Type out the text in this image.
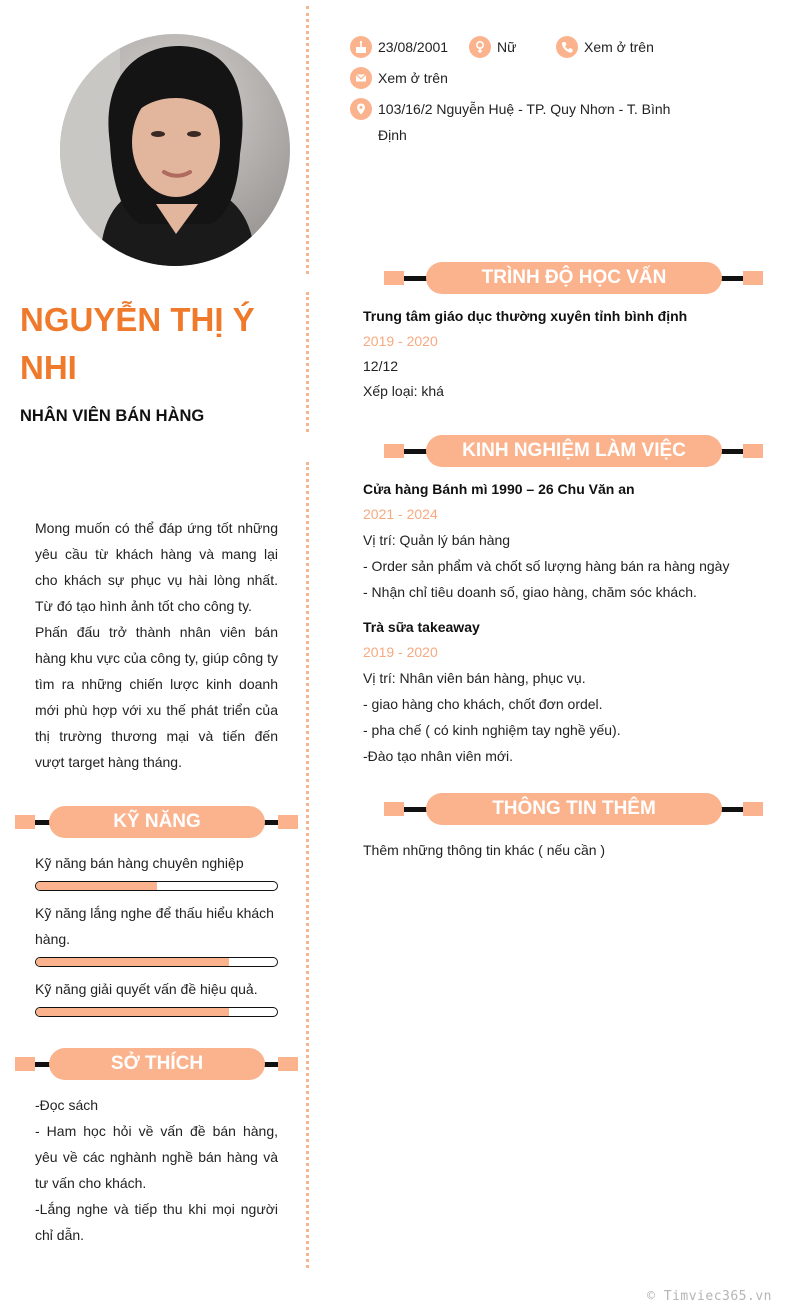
NGUYỄN THỊ Ý NHI
NHÂN VIÊN BÁN HÀNG

Mong muốn có thể đáp ứng tốt những yêu cầu từ khách hàng và mang lại cho khách sự phục vụ hài lòng nhất. Từ đó tạo hình ảnh tốt cho công ty.

Phấn đấu trở thành nhân viên bán hàng khu vực của công ty, giúp công ty tìm ra những chiến lược kinh doanh mới phù hợp với xu thế phát triển của thị trường thương mại và tiến đến vượt target hàng tháng.

KỸ NĂNG
Kỹ năng bán hàng chuyên nghiệp
Kỹ năng lắng nghe để thấu hiểu khách hàng.
Kỹ năng giải quyết vấn đề hiệu quả.
SỞ THÍCH

-Đọc sách

- Ham học hỏi về vấn đề bán hàng, yêu về các nghành nghề bán hàng và tư vấn cho khách.

-Lắng nghe và tiếp thu khi mọi người chỉ dẫn.

23/08/2001	Nữ	Xem ở trên
Xem ở trên
103/16/2 Nguyễn Huệ - TP. Quy Nhơn - T. Bình Định
TRÌNH ĐỘ HỌC VẤN
Trung tâm giáo dục thường xuyên tỉnh bình định
2019 - 2020
12/12
Xếp loại: khá
KINH NGHIỆM LÀM VIỆC
Cửa hàng Bánh mì 1990 – 26 Chu Văn an
2021 - 2024
Vị trí: Quản lý bán hàng
- Order sản phẩm và chốt số lượng hàng bán ra hàng ngày
- Nhận chỉ tiêu doanh số, giao hàng, chăm sóc khách.
Trà sữa takeaway
2019 - 2020
Vị trí: Nhân viên bán hàng, phục vụ.
- giao hàng cho khách, chốt đơn ordel.
- pha chế ( có kinh nghiệm tay nghề yếu).
-Đào tạo nhân viên mới.
THÔNG TIN THÊM
Thêm những thông tin khác ( nếu cần )
© Timviec365.vn
